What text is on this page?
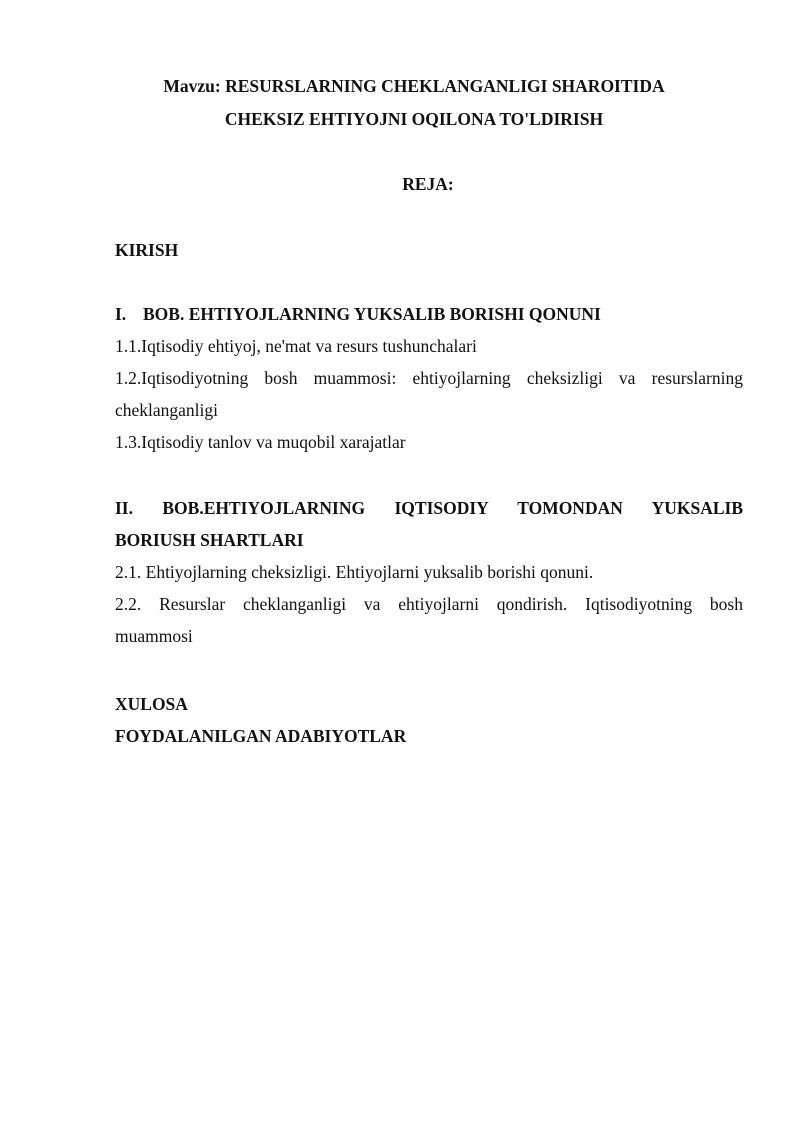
Mavzu: RESURSLARNING CHEKLANGANLIGI SHAROITIDA
CHEKSIZ EHTIYOJNI OQILONA TO'LDIRISH
REJA:
KIRISH
I. BOB. EHTIYOJLARNING YUKSALIB BORISHI QONUNI
1.1.Iqtisodiy ehtiyoj, ne'mat va resurs tushunchalari
1.2.Iqtisodiyotning bosh muammosi: ehtiyojlarning cheksizligi va resurslarning
cheklanganligi
1.3.Iqtisodiy tanlov va muqobil xarajatlar
II. BOB.EHTIYOJLARNING IQTISODIY TOMONDAN YUKSALIB
BORIUSH SHARTLARI
2.1. Ehtiyojlarning cheksizligi. Ehtiyojlarni yuksalib borishi qonuni.
2.2. Resurslar cheklanganligi va ehtiyojlarni qondirish. Iqtisodiyotning bosh
muammosi
XULOSA
FOYDALANILGAN ADABIYOTLAR
